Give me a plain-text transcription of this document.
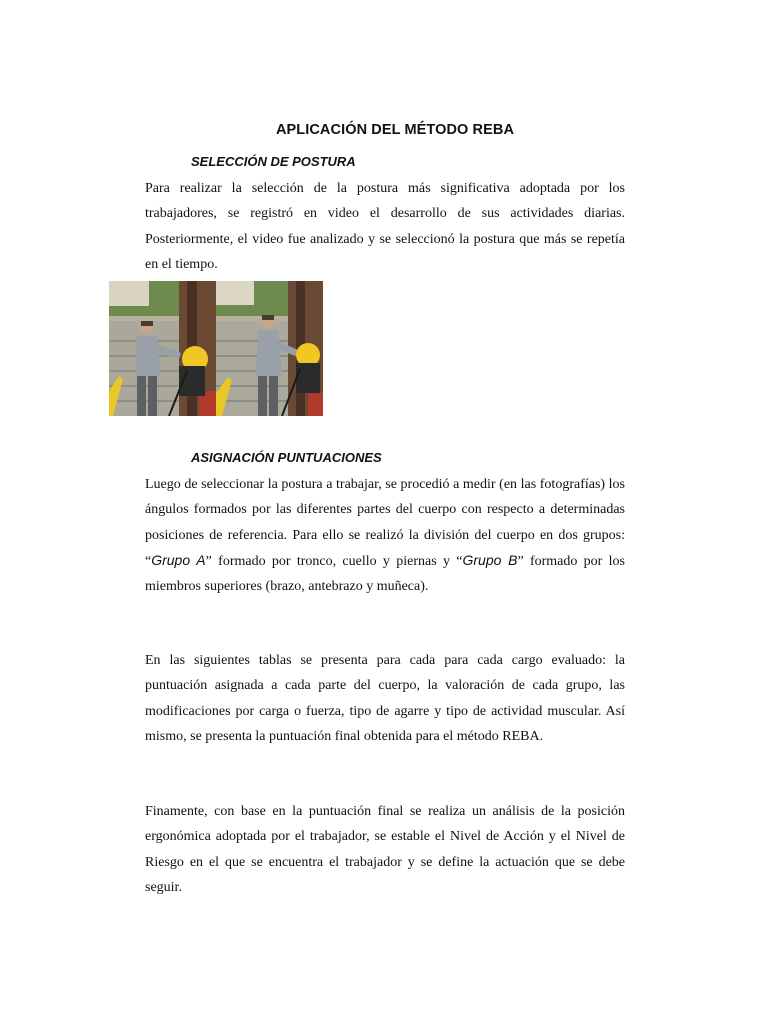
APLICACIÓN DEL MÉTODO REBA
SELECCIÓN DE POSTURA

Para realizar la selección de la postura más significativa adoptada por los trabajadores, se registró en video el desarrollo de sus actividades diarias. Posteriormente, el video fue analizado y se seleccionó la postura que más se repetía en el tiempo.

ASIGNACIÓN PUNTUACIONES

Luego de seleccionar la postura a trabajar, se procedió a medir (en las fotografías) los ángulos formados por las diferentes partes del cuerpo con respecto a determinadas posiciones de referencia. Para ello se realizó la división del cuerpo en dos grupos: “Grupo A” formado por tronco, cuello y piernas y “Grupo B” formado por los miembros superiores (brazo, antebrazo y muñeca).

En las siguientes tablas se presenta para cada para cada cargo evaluado: la puntuación asignada a cada parte del cuerpo, la valoración de cada grupo, las modificaciones por carga o fuerza, tipo de agarre y tipo de actividad muscular. Así mismo, se presenta la puntuación final obtenida para el método REBA.

Finamente, con base en la puntuación final se realiza un análisis de la posición ergonómica adoptada por el trabajador, se estable el Nivel de Acción y el Nivel de Riesgo en el que se encuentra el trabajador y se define la actuación que se debe seguir.
